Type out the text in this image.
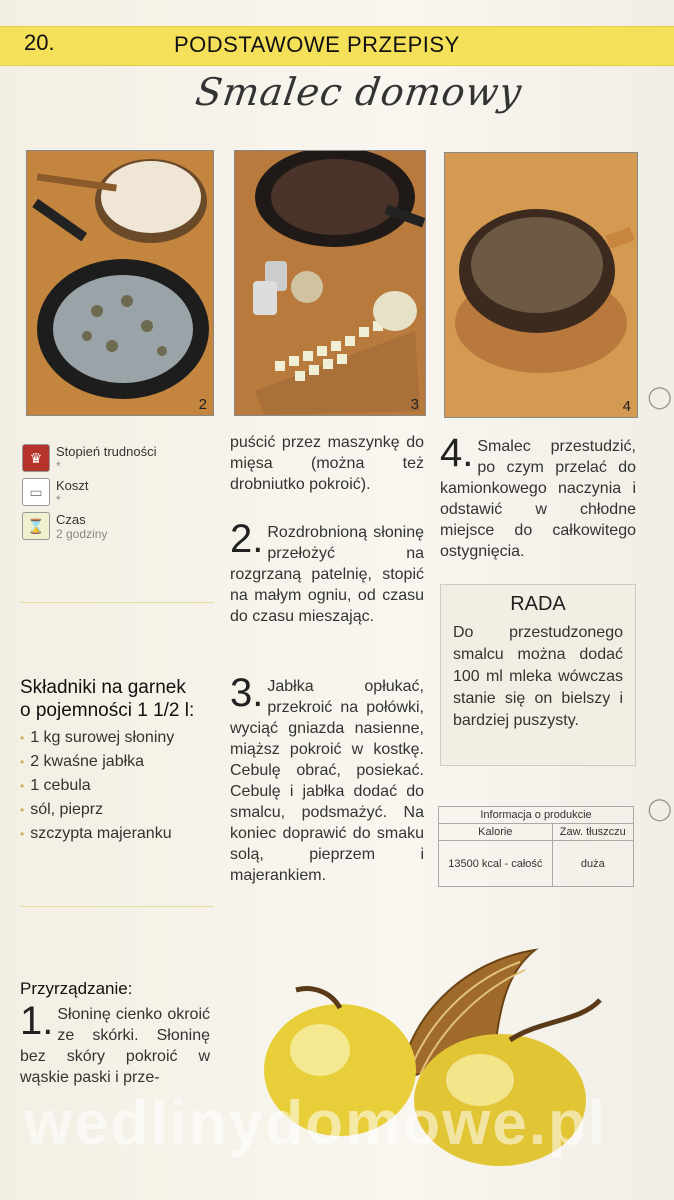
20.	PODSTAWOWE PRZEPISY
Smalec domowy
2	3	4
♛	Stopień trudności
*
▭	Koszt
*
⌛ Czas
2 godziny
Składniki na garnek
o pojemności 1 1/2 l:
• 1 kg surowej słoniny
• 2 kwaśne jabłka
• 1 cebula
• sól, pieprz
• szczypta majeranku
Przyrządzanie:
1. Słoninę cienko okroić ze skórki. Słoninę bez skóry pokroić w wąskie paski i prze-
puścić przez maszynkę do mięsa (można też drobniutko pokroić).
2. Rozdrobnioną słoninę przełożyć na rozgrzaną patelnię, stopić na małym ogniu, od czasu do czasu mieszając.
3. Jabłka opłukać, przekroić na połówki, wyciąć gniazda nasienne, miąższ pokroić w kostkę. Cebulę obrać, posiekać. Cebulę i jabłka dodać do smalcu, podsmażyć. Na koniec doprawić do smaku solą, pieprzem i majerankiem.
4. Smalec przestudzić, po czym przelać do kamionkowego naczynia i odstawić w chłodne miejsce do całkowitego ostygnięcia.
RADA
Do przestudzonego smalcu można dodać 100 ml mleka wówczas stanie się on bielszy i bardziej puszysty.
Informacja o produkcie	
Kalorie	Zaw. tłuszczu
13500 kcal - całość	duża
wedlinydomowe.pl
◯
◯
